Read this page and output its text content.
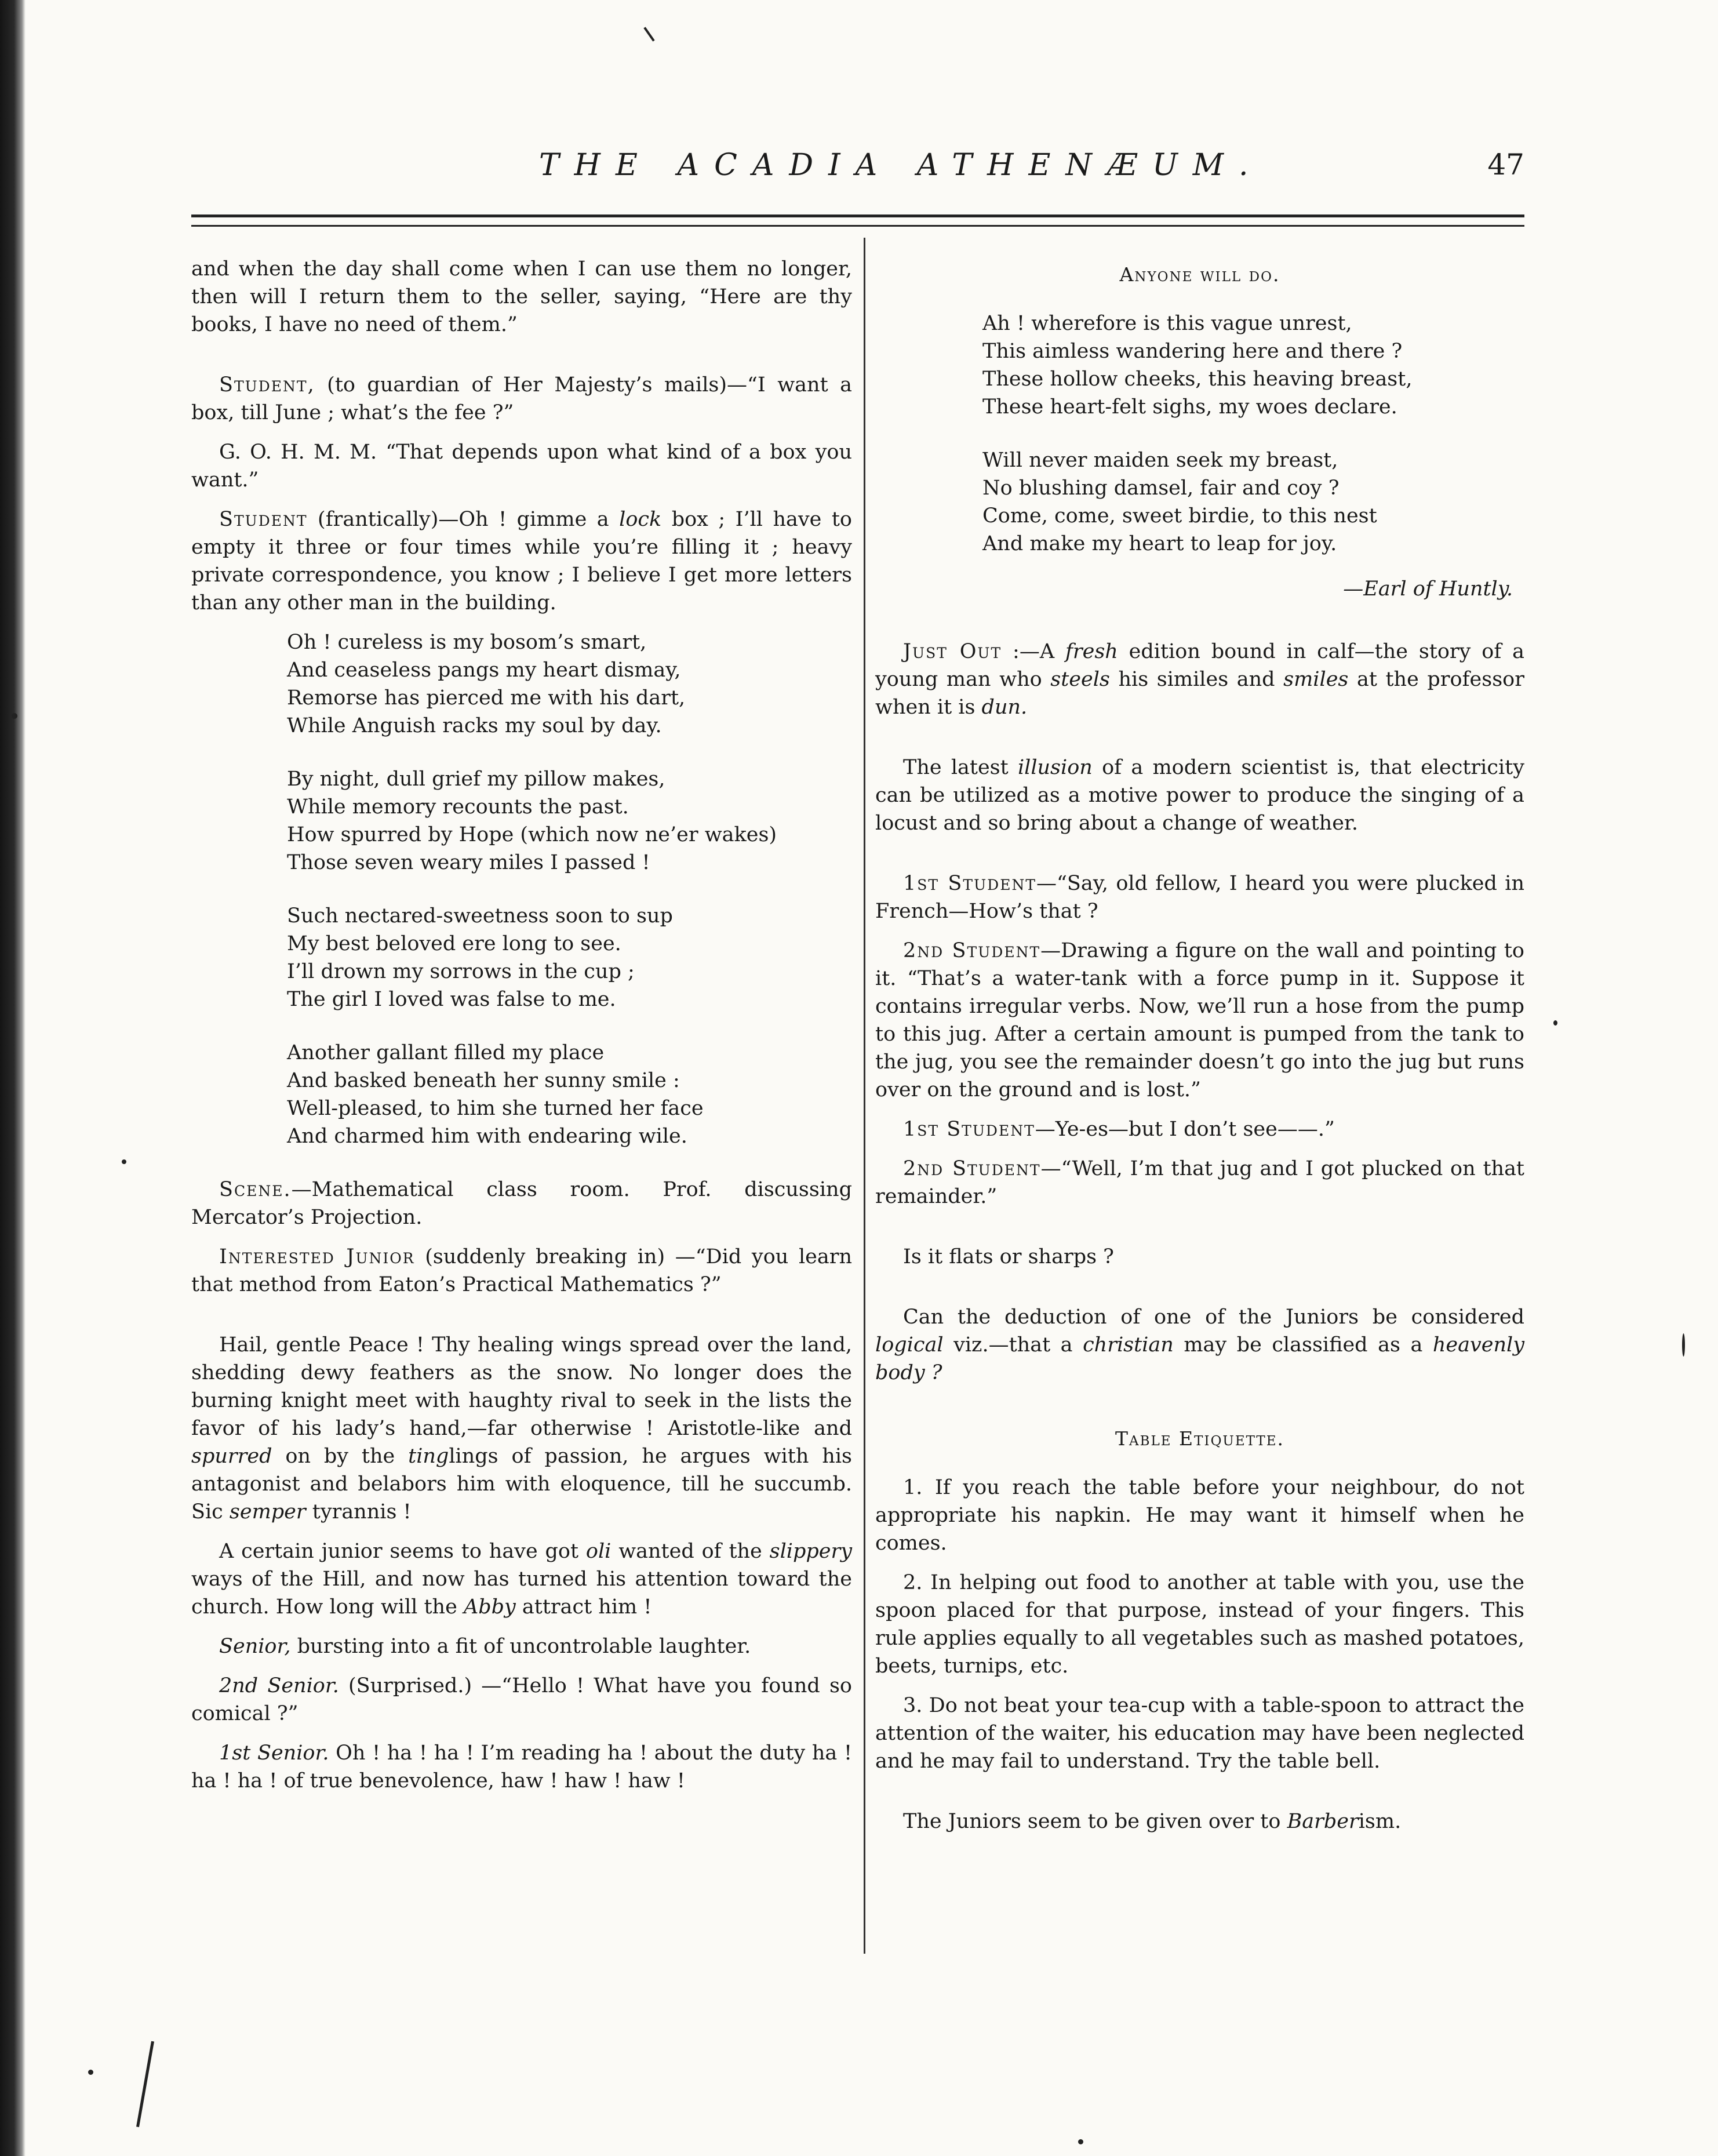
THE ACADIA ATHENÆUM.	47

and when the day shall come when I can use them no longer, then will I return them to the seller, saying, “Here are thy books, I have no need of them.”

Student, (to guardian of Her Majesty’s mails)—“I want a box, till June ; what’s the fee ?”

G. O. H. M. M. “That depends upon what kind of a box you want.”

Student (frantically)—Oh ! gimme a lock box ; I’ll have to empty it three or four times while you’re filling it ; heavy private correspondence, you know ; I believe I get more letters than any other man in the building.

Oh ! cureless is my bosom’s smart,
And ceaseless pangs my heart dismay,
Remorse has pierced me with his dart,
While Anguish racks my soul by day.
By night, dull grief my pillow makes,
While memory recounts the past.
How spurred by Hope (which now ne’er wakes)
Those seven weary miles I passed !
Such nectared-sweetness soon to sup
My best beloved ere long to see.
I’ll drown my sorrows in the cup ;
The girl I loved was false to me.
Another gallant filled my place
And basked beneath her sunny smile :
Well-pleased, to him she turned her face
And charmed him with endearing wile.

Scene.—Mathematical class room. Prof. discussing Mercator’s Projection.

Interested Junior (suddenly breaking in) —“Did you learn that method from Eaton’s Practical Mathematics ?”

Hail, gentle Peace ! Thy healing wings spread over the land, shedding dewy feathers as the snow. No longer does the burning knight meet with haughty rival to seek in the lists the favor of his lady’s hand,—far otherwise ! Aristotle-like and spurred on by the tinglings of passion, he argues with his antagonist and belabors him with eloquence, till he succumb. Sic semper tyrannis !

A certain junior seems to have got oli wanted of the slippery ways of the Hill, and now has turned his attention toward the church. How long will the Abby attract him !

Senior, bursting into a fit of uncontrolable laughter.

2nd Senior. (Surprised.) —“Hello ! What have you found so comical ?”

1st Senior. Oh ! ha ! ha ! I’m reading ha ! about the duty ha ! ha ! ha ! of true benevolence, haw ! haw ! haw !

Anyone will do.
Ah ! wherefore is this vague unrest,
This aimless wandering here and there ?
These hollow cheeks, this heaving breast,
These heart-felt sighs, my woes declare.
Will never maiden seek my breast,
No blushing damsel, fair and coy ?
Come, come, sweet birdie, to this nest
And make my heart to leap for joy.
—Earl of Huntly.

Just Out :—A fresh edition bound in calf—the story of a young man who steels his similes and smiles at the professor when it is dun.

The latest illusion of a modern scientist is, that electricity can be utilized as a motive power to produce the singing of a locust and so bring about a change of weather.

1st Student—“Say, old fellow, I heard you were plucked in French—How’s that ?

2nd Student—Drawing a figure on the wall and pointing to it. “That’s a water-tank with a force pump in it. Suppose it contains irregular verbs. Now, we’ll run a hose from the pump to this jug. After a certain amount is pumped from the tank to the jug, you see the remainder doesn’t go into the jug but runs over on the ground and is lost.”

1st Student—Ye-es—but I don’t see——.”

2nd Student—“Well, I’m that jug and I got plucked on that remainder.”

Is it flats or sharps ?

Can the deduction of one of the Juniors be considered logical viz.—that a christian may be classified as a heavenly body ?

Table Etiquette.

1. If you reach the table before your neighbour, do not appropriate his napkin. He may want it himself when he comes.

2. In helping out food to another at table with you, use the spoon placed for that purpose, instead of your fingers. This rule applies equally to all vegetables such as mashed potatoes, beets, turnips, etc.

3. Do not beat your tea-cup with a table-spoon to attract the attention of the waiter, his education may have been neglected and he may fail to understand. Try the table bell.

The Juniors seem to be given over to Barberism.
